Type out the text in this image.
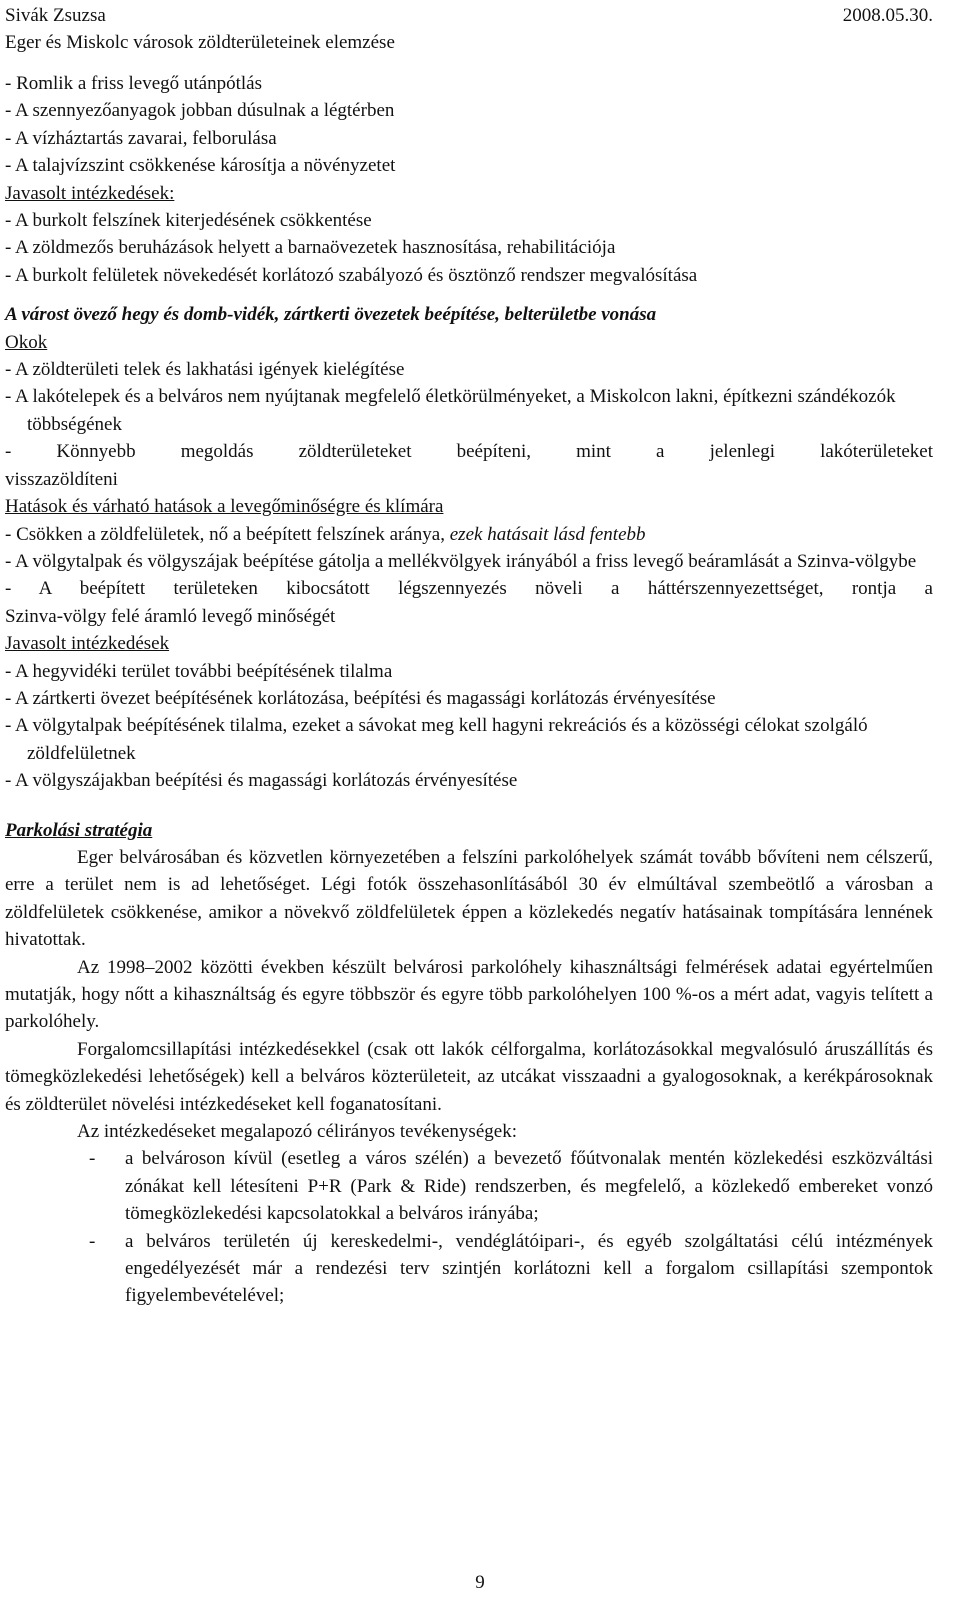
Sivák Zsuzsa	2008.05.30.
Eger és Miskolc városok zöldterületeinek elemzése

- Romlik a friss levegő utánpótlás

- A szennyezőanyagok jobban dúsulnak a légtérben

- A vízháztartás zavarai, felborulása

- A talajvízszint csökkenése károsítja a növényzetet

Javasolt intézkedések:

- A burkolt felszínek kiterjedésének csökkentése

- A zöldmezős beruházások helyett a barnaövezetek hasznosítása, rehabilitációja

- A burkolt felületek növekedését korlátozó szabályozó és ösztönző rendszer megvalósítása

A várost övező hegy és domb-vidék, zártkerti övezetek beépítése, belterületbe vonása

Okok

- A zöldterületi telek és lakhatási igények kielégítése

- A lakótelepek és a belváros nem nyújtanak megfelelő életkörülményeket, a Miskolcon lakni, építkezni szándékozók többségének

- Könnyebb megoldás zöldterületeket beépíteni, mint a jelenlegi lakóterületeket

visszazöldíteni

Hatások és várható hatások a levegőminőségre és klímára

- Csökken a zöldfelületek, nő a beépített felszínek aránya, ezek hatásait lásd fentebb

- A völgytalpak és völgyszájak beépítése gátolja a mellékvölgyek irányából a friss levegő beáramlását a Szinva-völgybe

- A beépített területeken kibocsátott légszennyezés növeli a háttérszennyezettséget, rontja a

Szinva-völgy felé áramló levegő minőségét

Javasolt intézkedések

- A hegyvidéki terület további beépítésének tilalma

- A zártkerti övezet beépítésének korlátozása, beépítési és magassági korlátozás érvényesítése

- A völgytalpak beépítésének tilalma, ezeket a sávokat meg kell hagyni rekreációs és a közösségi célokat szolgáló zöldfelületnek

- A völgyszájakban beépítési és magassági korlátozás érvényesítése

Parkolási stratégia

Eger belvárosában és közvetlen környezetében a felszíni parkolóhelyek számát tovább bővíteni nem célszerű, erre a terület nem is ad lehetőséget. Légi fotók összehasonlításából 30 év elmúltával szembeötlő a városban a zöldfelületek csökkenése, amikor a növekvő zöldfelületek éppen a közlekedés negatív hatásainak tompítására lennének hivatottak.

Az 1998–2002 közötti években készült belvárosi parkolóhely kihasználtsági felmérések adatai egyértelműen mutatják, hogy nőtt a kihasználtság és egyre többször és egyre több parkolóhelyen 100 %-os a mért adat, vagyis telített a parkolóhely.

Forgalomcsillapítási intézkedésekkel (csak ott lakók célforgalma, korlátozásokkal megvalósuló áruszállítás és tömegközlekedési lehetőségek) kell a belváros közterületeit, az utcákat visszaadni a gyalogosoknak, a kerékpárosoknak és zöldterület növelési intézkedéseket kell foganatosítani.

Az intézkedéseket megalapozó célirányos tevékenységek:

-	a belvároson kívül (esetleg a város szélén) a bevezető főútvonalak mentén közlekedési eszközváltási zónákat kell létesíteni P+R (Park & Ride) rendszerben, és megfelelő, a közlekedő embereket vonzó tömegközlekedési kapcsolatokkal a belváros irányába;
-	a belváros területén új kereskedelmi-, vendéglátóipari-, és egyéb szolgáltatási célú intézmények engedélyezését már a rendezési terv szintjén korlátozni kell a forgalom csillapítási szempontok figyelembevételével;
9
